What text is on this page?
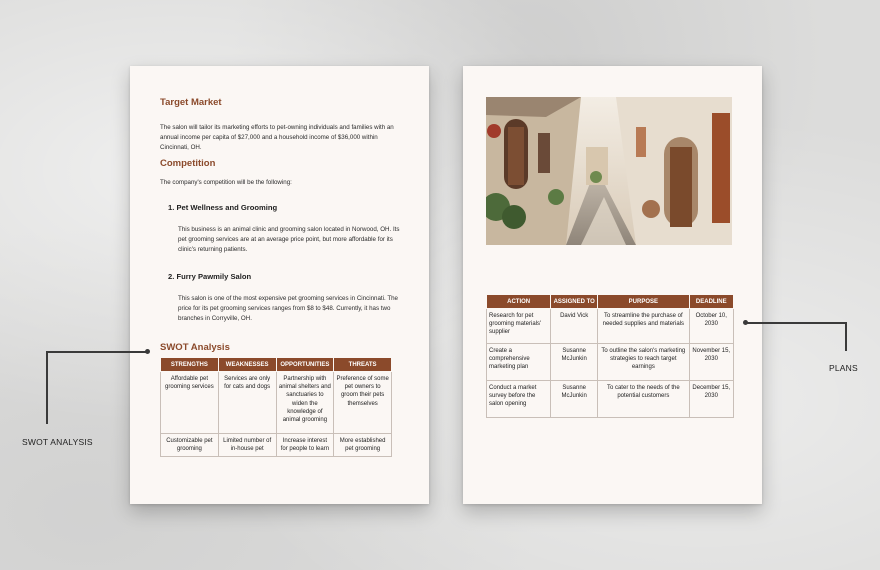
Target Market
The salon will tailor its marketing efforts to pet-owning individuals and families with an annual income per capita of $27,000 and a household income of $36,000 within Cincinnati, OH.
Competition
The company's competition will be the following:
1. Pet Wellness and Grooming
This business is an animal clinic and grooming salon located in Norwood, OH. Its pet grooming services are at an average price point, but more affordable for its clinic's returning patients.
2. Furry Pawmily Salon
This salon is one of the most expensive pet grooming services in Cincinnati. The price for its pet grooming services ranges from $8 to $48. Currently, it has two branches in Corryville, OH.
SWOT Analysis
STRENGTHS	WEAKNESSES	OPPORTUNITIES	THREATS
Affordable pet grooming services	Services are only for cats and dogs	Partnership with animal shelters and sanctuaries to widen the knowledge of animal grooming	Preference of some pet owners to groom their pets themselves
Customizable pet grooming	Limited number of in-house pet	Increase interest for people to learn	More established pet grooming
ACTION	ASSIGNED TO	PURPOSE	DEADLINE
Research for pet grooming materials' supplier	David Vick	To streamline the purchase of needed supplies and materials	October 10, 2030
Create a comprehensive marketing plan	Susanne McJunkin	To outline the salon's marketing strategies to reach target earnings	November 15, 2030
Conduct a market survey before the salon opening	Susanne McJunkin	To cater to the needs of the potential customers	December 15, 2030
SWOT ANALYSIS
PLANS
